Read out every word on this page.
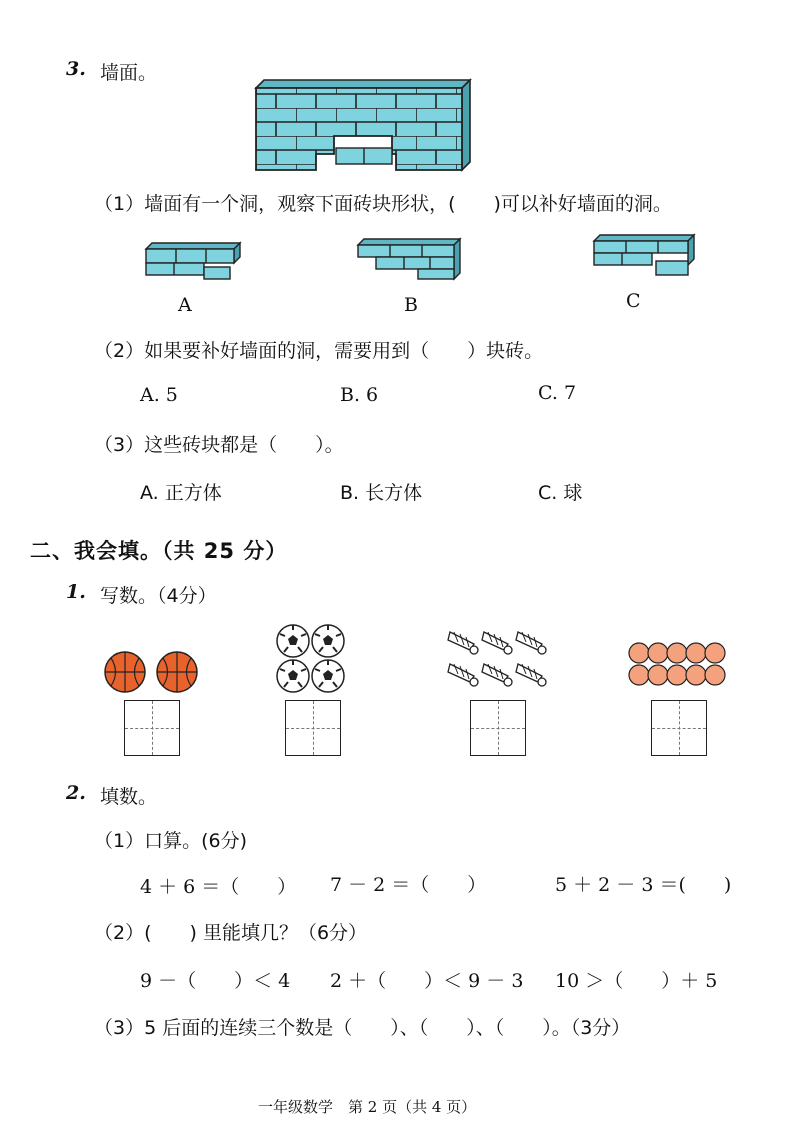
3. 墙面。
（1）墙面有一个洞，观察下面砖块形状，(　　)可以补好墙面的洞。
A	B	C
（2）如果要补好墙面的洞，需要用到（　　）块砖。
A. 5	B. 6	C. 7
（3）这些砖块都是（　　）。
A. 正方体	B. 长方体	C. 球
二、我会填。（共 25 分）
1. 写数。（4分）
2. 填数。
（1）口算。(6分)
4 ＋ 6 ＝（　　） 7 － 2 ＝（　　）	5 ＋ 2 － 3 ＝(　　)
（2）(　　) 里能填几？（6分）
9 －（　　）＜ 4 2 ＋（　　）＜ 9 － 3 10 ＞（　　）＋ 5
（3）5 后面的连续三个数是（　　）、（　　）、（　　）。（3分）
一年级数学　第 2 页（共 4 页）
